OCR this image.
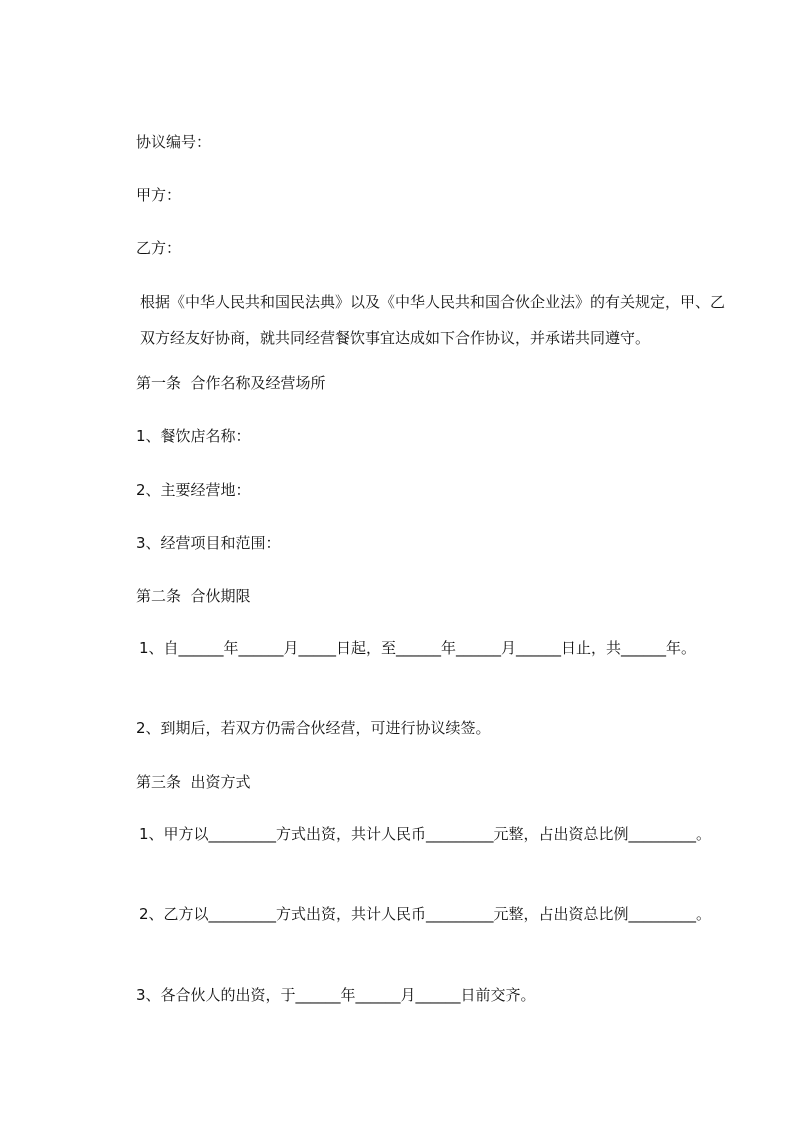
协议编号：
甲方：
乙方：
根据《中华人民共和国民法典》以及《中华人民共和国合伙企业法》的有关规定，甲、乙双方经友好协商，就共同经营餐饮事宜达成如下合作协议，并承诺共同遵守。
第一条  合作名称及经营场所
1、餐饮店名称：
2、主要经营地：
3、经营项目和范围：
第二条  合伙期限
1、自______年______月_____日起，至______年______月______日止，共______年。
2、到期后，若双方仍需合伙经营，可进行协议续签。
第三条  出资方式
1、甲方以_________方式出资，共计人民币_________元整，占出资总比例_________。
2、乙方以_________方式出资，共计人民币_________元整，占出资总比例_________。
3、各合伙人的出资，于______年______月______日前交齐。
